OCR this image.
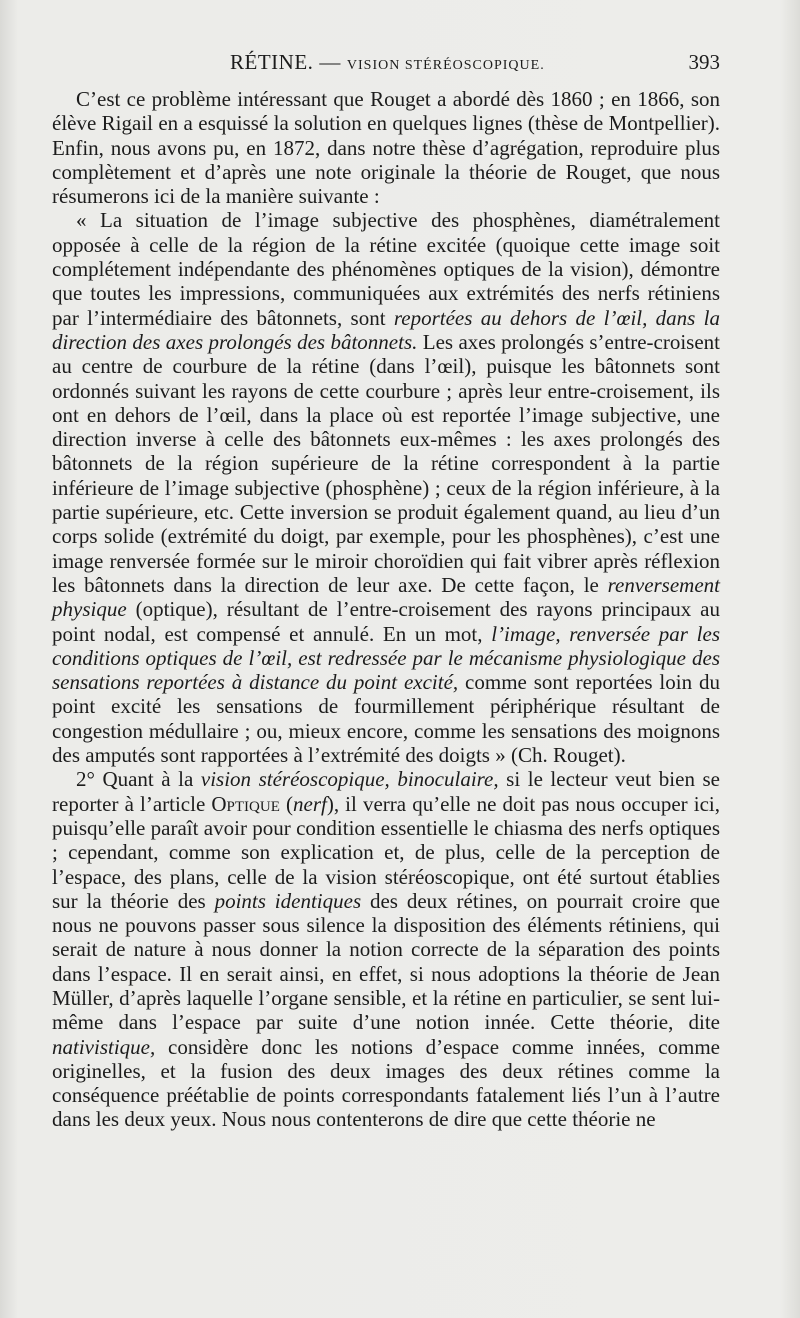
RÉTINE. — VISION STÉRÉOSCOPIQUE.	393

C’est ce problème intéressant que Rouget a abordé dès 1860 ; en 1866, son élève Rigail en a esquissé la solution en quelques lignes (thèse de Montpellier). Enfin, nous avons pu, en 1872, dans notre thèse d’agrégation, reproduire plus complètement et d’après une note originale la théorie de Rouget, que nous résumerons ici de la manière suivante :

« La situation de l’image subjective des phosphènes, diamétralement opposée à celle de la région de la rétine excitée (quoique cette image soit complétement indépendante des phénomènes optiques de la vision), démontre que toutes les impressions, communiquées aux extrémités des nerfs rétiniens par l’intermédiaire des bâtonnets, sont reportées au dehors de l’œil, dans la direction des axes prolongés des bâtonnets. Les axes prolongés s’entre-croisent au centre de courbure de la rétine (dans l’œil), puisque les bâtonnets sont ordonnés suivant les rayons de cette courbure ; après leur entre-croisement, ils ont en dehors de l’œil, dans la place où est reportée l’image subjective, une direction inverse à celle des bâtonnets eux-mêmes : les axes prolongés des bâtonnets de la région supérieure de la rétine correspondent à la partie inférieure de l’image subjective (phosphène) ; ceux de la région inférieure, à la partie supérieure, etc. Cette inversion se produit également quand, au lieu d’un corps solide (extrémité du doigt, par exemple, pour les phosphènes), c’est une image renversée formée sur le miroir choroïdien qui fait vibrer après réflexion les bâtonnets dans la direction de leur axe. De cette façon, le renversement physique (optique), résultant de l’entre-croisement des rayons principaux au point nodal, est compensé et annulé. En un mot, l’image, renversée par les conditions optiques de l’œil, est redressée par le mécanisme physiologique des sensations reportées à distance du point excité, comme sont reportées loin du point excité les sensations de fourmillement périphérique résultant de congestion médullaire ; ou, mieux encore, comme les sensations des moignons des amputés sont rapportées à l’extrémité des doigts » (Ch. Rouget).

2° Quant à la vision stéréoscopique, binoculaire, si le lecteur veut bien se reporter à l’article Optique (nerf), il verra qu’elle ne doit pas nous occuper ici, puisqu’elle paraît avoir pour condition essentielle le chiasma des nerfs optiques ; cependant, comme son explication et, de plus, celle de la perception de l’espace, des plans, celle de la vision stéréoscopique, ont été surtout établies sur la théorie des points identiques des deux rétines, on pourrait croire que nous ne pouvons passer sous silence la disposition des éléments rétiniens, qui serait de nature à nous donner la notion correcte de la séparation des points dans l’espace. Il en serait ainsi, en effet, si nous adoptions la théorie de Jean Müller, d’après laquelle l’organe sensible, et la rétine en particulier, se sent lui-même dans l’espace par suite d’une notion innée. Cette théorie, dite nativistique, considère donc les notions d’espace comme innées, comme originelles, et la fusion des deux images des deux rétines comme la conséquence préétablie de points correspondants fatalement liés l’un à l’autre dans les deux yeux. Nous nous contenterons de dire que cette théorie ne
